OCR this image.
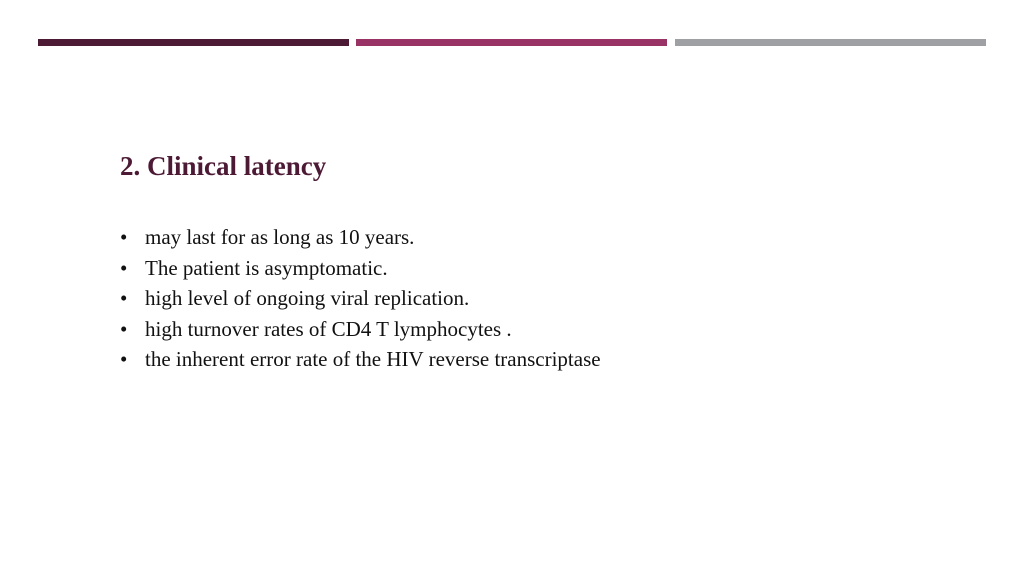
2. Clinical latency
• may last for as long as 10 years.
• The patient is asymptomatic.
• high level of ongoing viral replication.
• high turnover rates of CD4 T lymphocytes .
• the inherent error rate of the HIV reverse transcriptase
